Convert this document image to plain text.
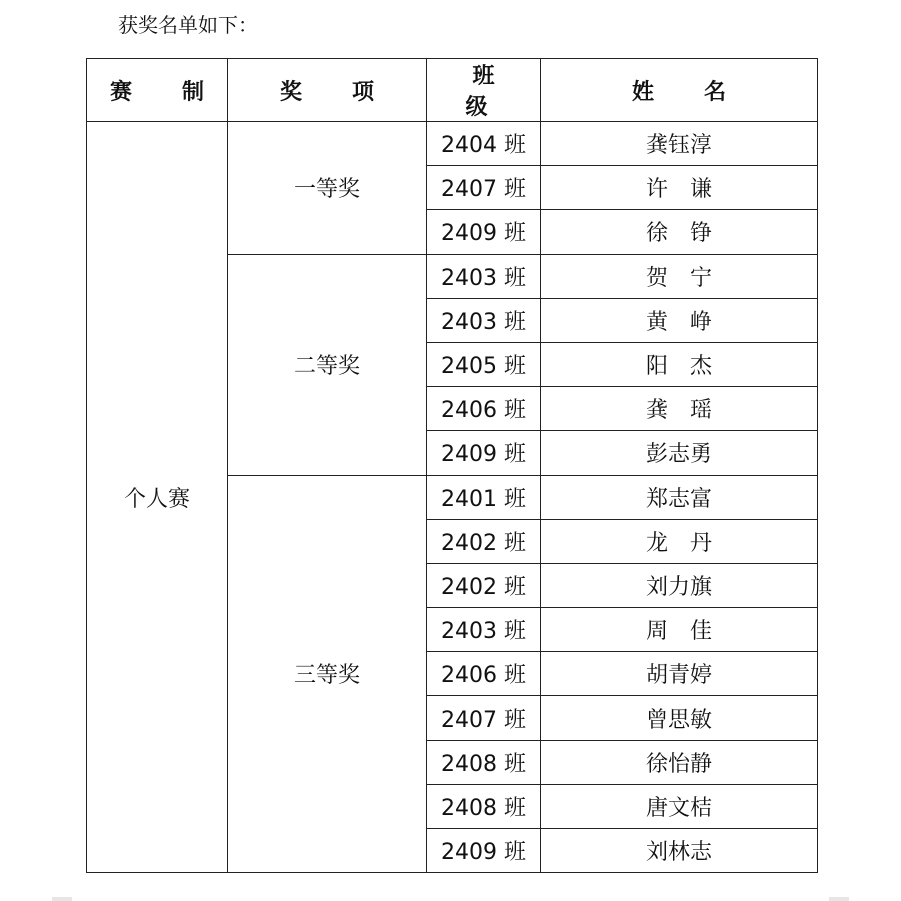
获奖名单如下：
赛　制	奖　项	班　级	姓　名
个人赛	一等奖	2404 班	龚钰淳
		2407 班	许　谦
		2409 班	徐　铮
	二等奖	2403 班	贺　宁
		2403 班	黄　峥
		2405 班	阳　杰
		2406 班	龚　瑶
		2409 班	彭志勇
	三等奖	2401 班	郑志富
		2402 班	龙　丹
		2402 班	刘力旗
		2403 班	周　佳
		2406 班	胡青婷
		2407 班	曾思敏
		2408 班	徐怡静
		2408 班	唐文桔
		2409 班	刘林志
